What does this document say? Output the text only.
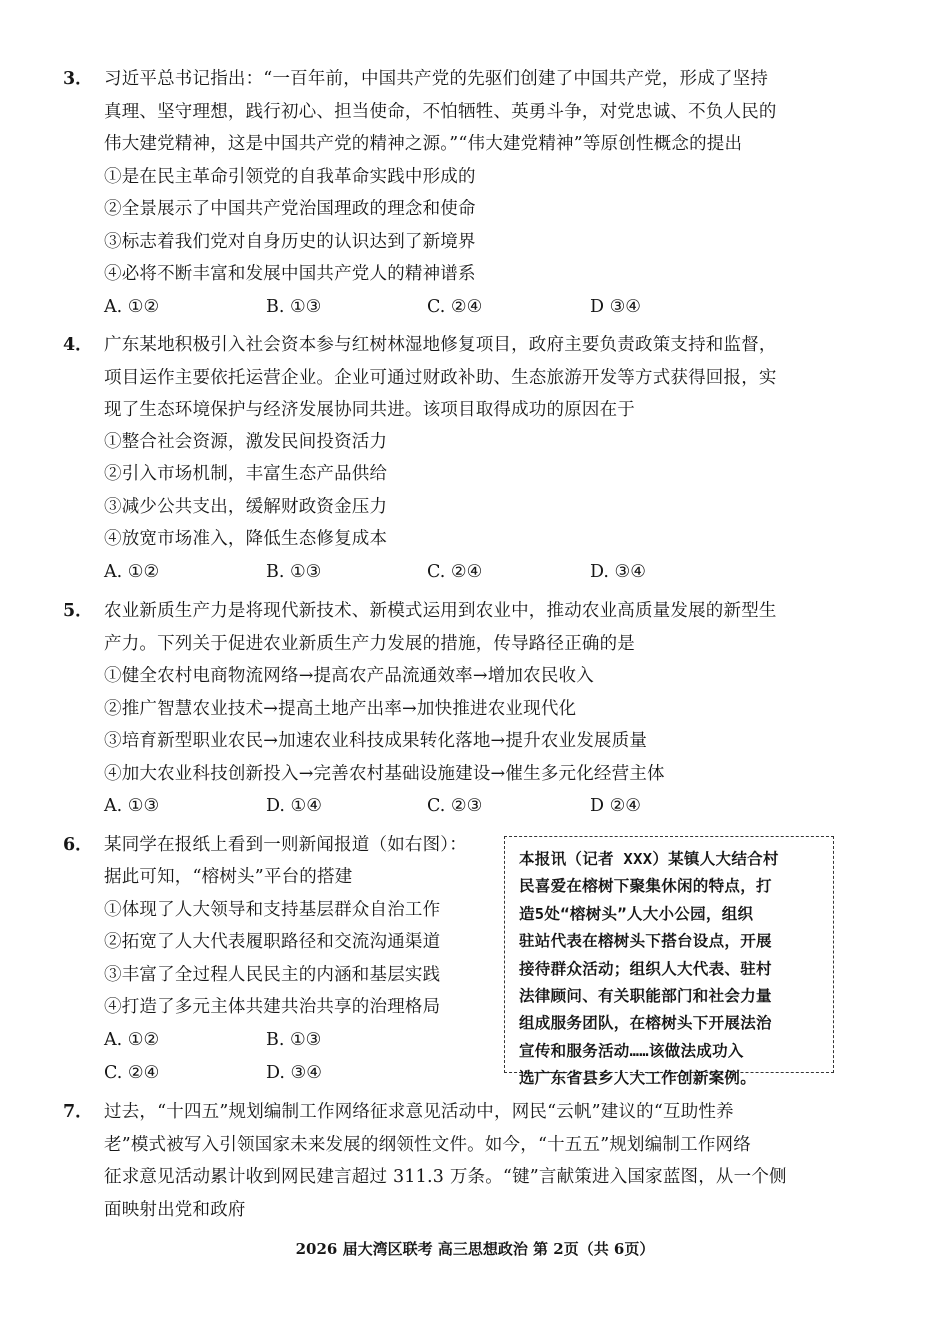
3． 习近平总书记指出：“一百年前，中国共产党的先驱们创建了中国共产党，形成了坚持
真理、坚守理想，践行初心、担当使命，不怕牺牲、英勇斗争，对党忠诚、不负人民的
伟大建党精神，这是中国共产党的精神之源。”“伟大建党精神”等原创性概念的提出
①是在民主革命引领党的自我革命实践中形成的
②全景展示了中国共产党治国理政的理念和使命
③标志着我们党对自身历史的认识达到了新境界
④必将不断丰富和发展中国共产党人的精神谱系
A. ①②	B. ①③	C. ②④	D ③④
4． 广东某地积极引入社会资本参与红树林湿地修复项目，政府主要负责政策支持和监督，
项目运作主要依托运营企业。企业可通过财政补助、生态旅游开发等方式获得回报，实
现了生态环境保护与经济发展协同共进。该项目取得成功的原因在于
①整合社会资源，激发民间投资活力
②引入市场机制，丰富生态产品供给
③减少公共支出，缓解财政资金压力
④放宽市场准入，降低生态修复成本
A. ①②	B. ①③	C. ②④	D. ③④
5． 农业新质生产力是将现代新技术、新模式运用到农业中，推动农业高质量发展的新型生
产力。下列关于促进农业新质生产力发展的措施，传导路径正确的是
①健全农村电商物流网络→提高农产品流通效率→增加农民收入
②推广智慧农业技术→提高土地产出率→加快推进农业现代化
③培育新型职业农民→加速农业科技成果转化落地→提升农业发展质量
④加大农业科技创新投入→完善农村基础设施建设→催生多元化经营主体
A. ①③	D. ①④	C. ②③	D ②④
6． 某同学在报纸上看到一则新闻报道（如右图）：
据此可知，“榕树头”平台的搭建
①体现了人大领导和支持基层群众自治工作
②拓宽了人大代表履职路径和交流沟通渠道
③丰富了全过程人民民主的内涵和基层实践
④打造了多元主体共建共治共享的治理格局
A. ①②	B. ①③
C. ②④	D. ③④
本报讯（记者 XXX）某镇人大结合村
民喜爱在榕树下聚集休闲的特点，打
造5处“榕树头”人大小公园，组织
驻站代表在榕树头下搭台设点，开展
接待群众活动；组织人大代表、驻村
法律顾问、有关职能部门和社会力量
组成服务团队，在榕树头下开展法治
宣传和服务活动……该做法成功入
选广东省县乡人大工作创新案例。
7． 过去，“十四五”规划编制工作网络征求意见活动中，网民“云帆”建议的“互助性养
老”模式被写入引领国家未来发展的纲领性文件。如今，“十五五”规划编制工作网络
征求意见活动累计收到网民建言超过 311.3 万条。“键”言献策进入国家蓝图，从一个侧
面映射出党和政府
2026 届大湾区联考 高三思想政治 第 2页（共 6页）
